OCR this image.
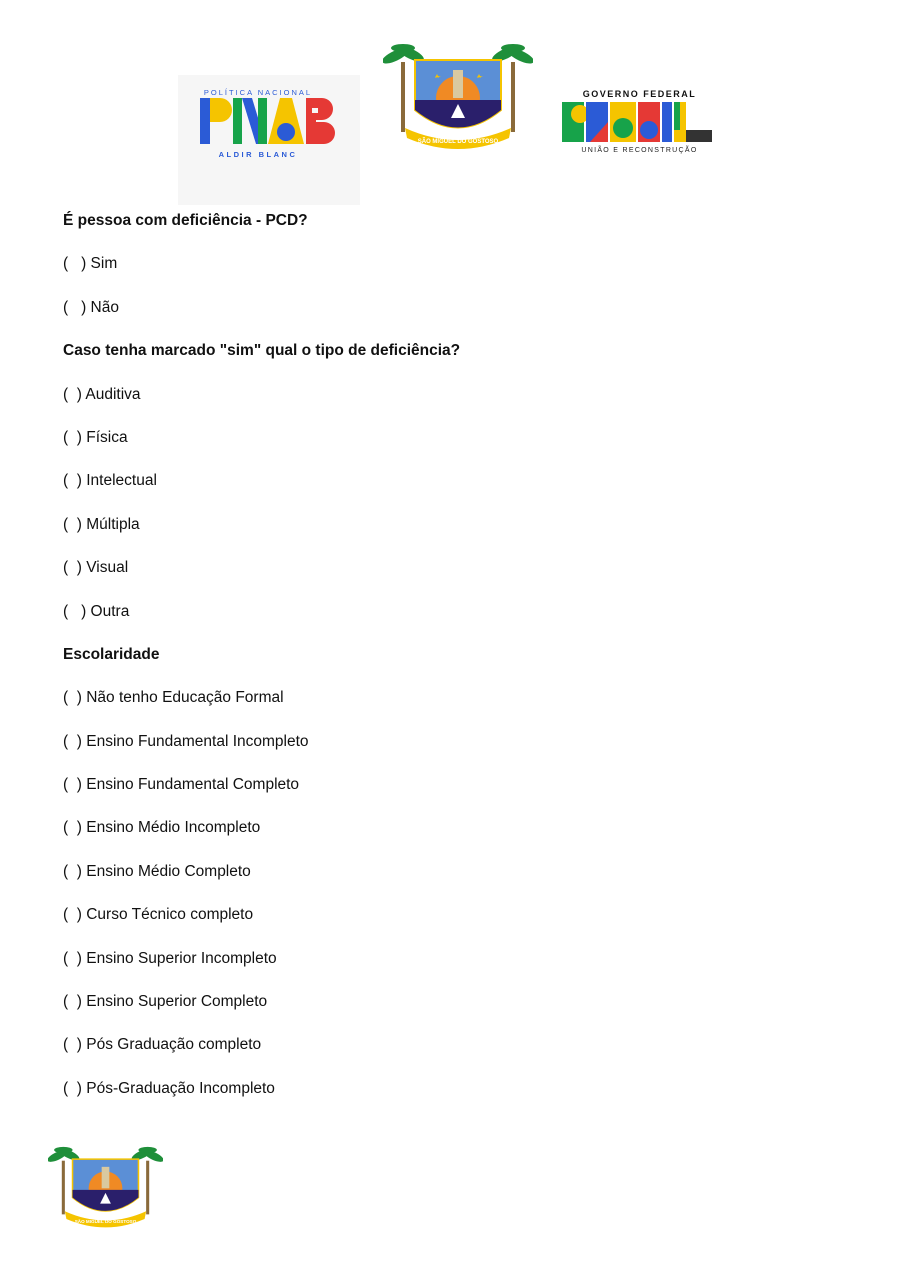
POLÍTICA NACIONAL
ALDIR BLANC
SÃO MIGUEL DO GOSTOSO
GOVERNO FEDERAL
UNIÃO E RECONSTRUÇÃO
É pessoa com deficiência - PCD?
(   ) Sim
(   ) Não
Caso tenha marcado "sim" qual o tipo de deficiência?
(  ) Auditiva
(  ) Física
(  ) Intelectual
(  ) Múltipla
(  ) Visual
(   ) Outra
Escolaridade
(  ) Não tenho Educação Formal
(  ) Ensino Fundamental Incompleto
(  ) Ensino Fundamental Completo
(  ) Ensino Médio Incompleto
(  ) Ensino Médio Completo
(  ) Curso Técnico completo
(  ) Ensino Superior Incompleto
(  ) Ensino Superior Completo
(  ) Pós Graduação completo
(  ) Pós-Graduação Incompleto
SÃO MIGUEL DO GOSTOSO
